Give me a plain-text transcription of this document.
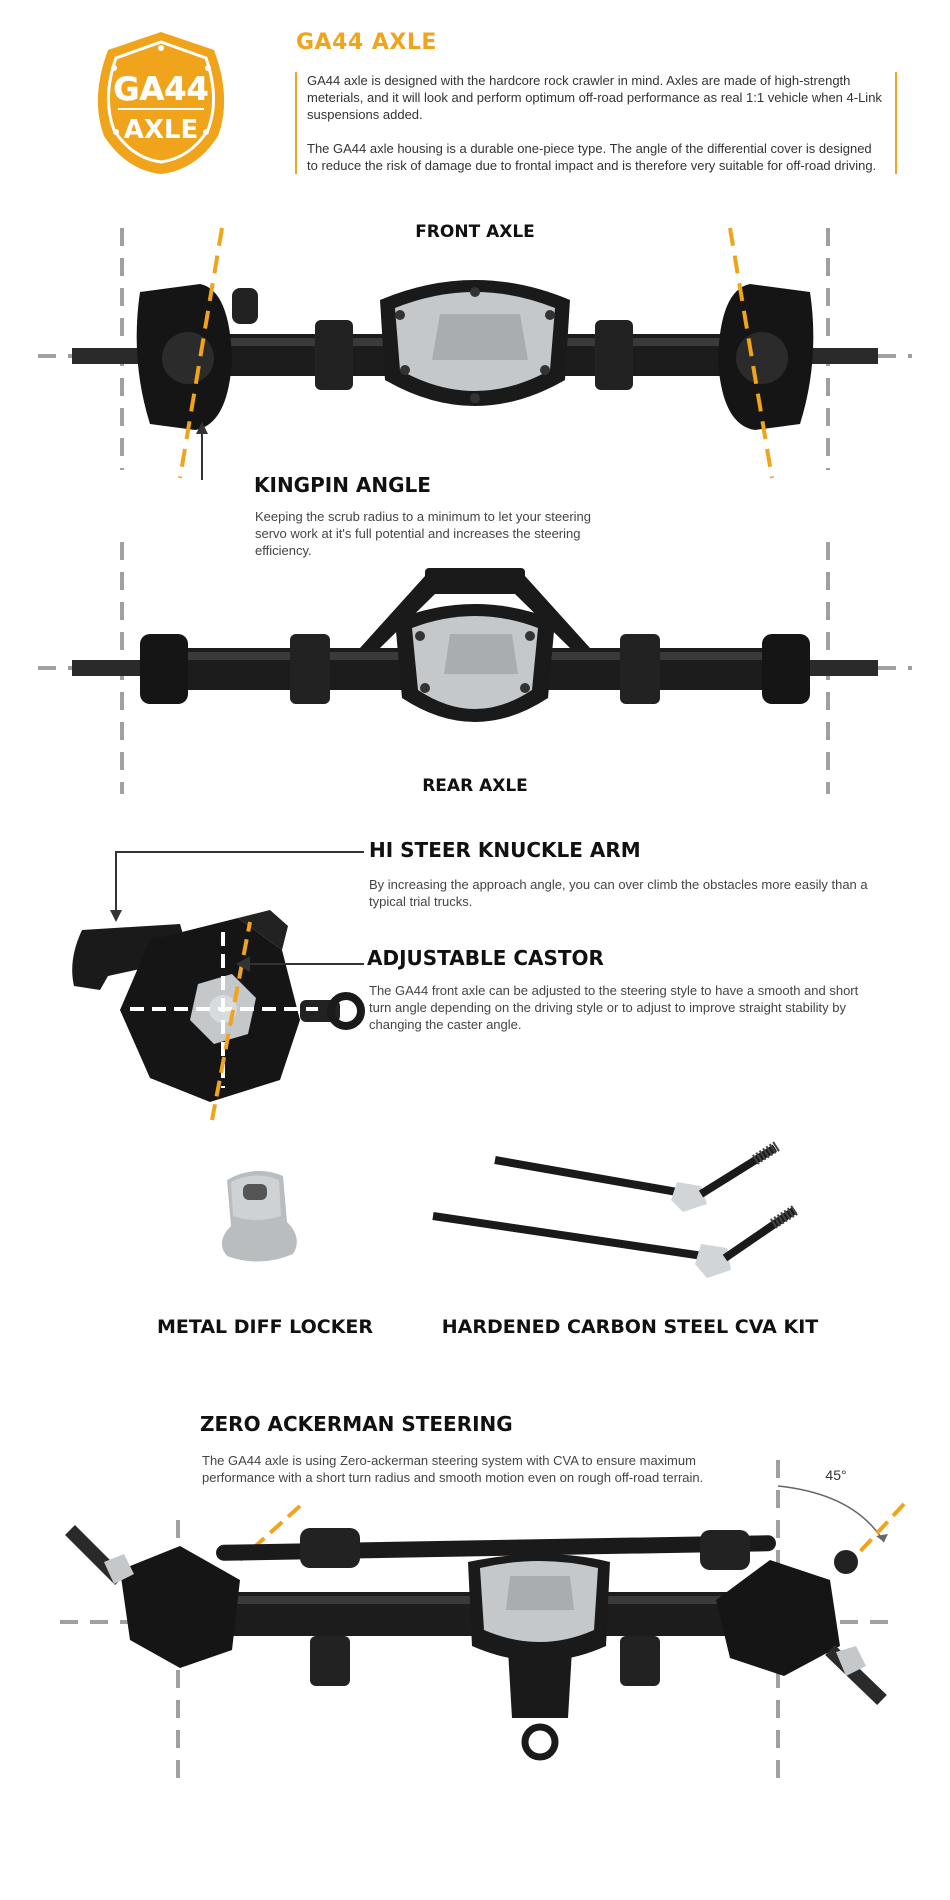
GA44
AXLE
GA44 AXLE

GA44 axle is designed with the hardcore rock crawler in mind. Axles are made of high-strength meterials, and it will look and perform optimum off-road performance as real 1:1 vehicle when 4-Link suspensions added.

The GA44 axle housing is a durable one-piece type. The angle of the differential cover is designed to reduce the risk of damage due to frontal impact and is therefore very suitable for off-road driving.

FRONT AXLE
KINGPIN ANGLE
Keeping the scrub radius to a minimum to let your steering servo work at it's full potential and increases the steering efficiency.
REAR AXLE
HI STEER KNUCKLE ARM
By increasing the approach angle, you can over climb the obstacles more easily than a typical trial trucks.
ADJUSTABLE CASTOR
The GA44 front axle can be adjusted to the steering style to have a smooth and short turn angle depending on the driving style or to adjust to improve straight stability by changing the caster angle.
METAL DIFF LOCKER	HARDENED CARBON STEEL CVA KIT
ZERO ACKERMAN STEERING
The GA44 axle is using Zero-ackerman steering system with CVA to ensure maximum performance with a short turn radius and smooth motion even on rough off-road terrain.	45°
